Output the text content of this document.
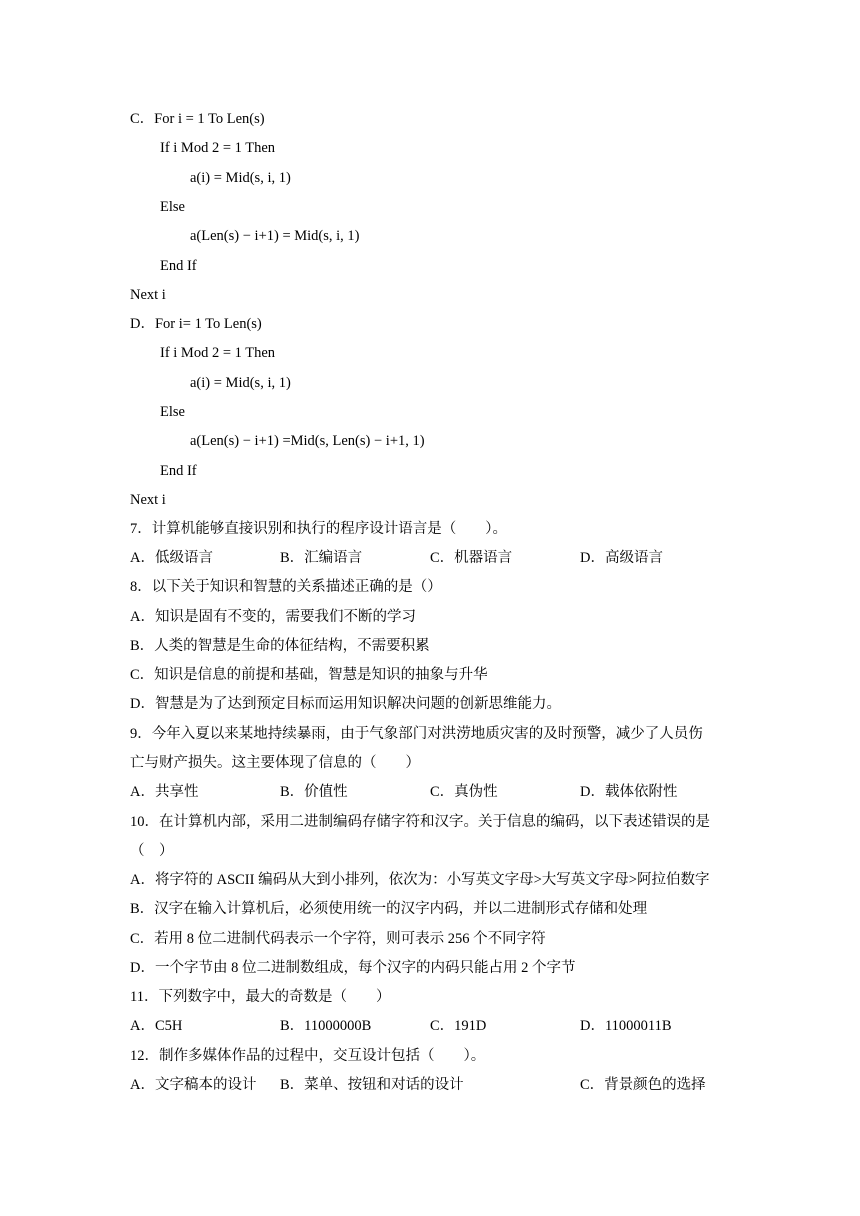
C．For i = 1 To Len(s)
If i Mod 2 = 1 Then
a(i) = Mid(s, i, 1)
Else
a(Len(s) − i+1) = Mid(s, i, 1)
End If
Next i
D．For i= 1 To Len(s)
If i Mod 2 = 1 Then
a(i) = Mid(s, i, 1)
Else
a(Len(s) − i+1) =Mid(s, Len(s) − i+1, 1)
End If
Next i
7．计算机能够直接识别和执行的程序设计语言是（　　）。
A．低级语言	B．汇编语言	C．机器语言	D．高级语言
8．以下关于知识和智慧的关系描述正确的是（）
A．知识是固有不变的，需要我们不断的学习
B．人类的智慧是生命的体征结构，不需要积累
C．知识是信息的前提和基础，智慧是知识的抽象与升华
D．智慧是为了达到预定目标而运用知识解决问题的创新思维能力。
9．今年入夏以来某地持续暴雨，由于气象部门对洪涝地质灾害的及时预警，减少了人员伤
亡与财产损失。这主要体现了信息的（　　）
A．共享性	B．价值性	C．真伪性	D．载体依附性
10．在计算机内部，采用二进制编码存储字符和汉字。关于信息的编码，以下表述错误的是
（　）
A．将字符的 ASCII 编码从大到小排列，依次为：小写英文字母>大写英文字母>阿拉伯数字
B．汉字在输入计算机后，必须使用统一的汉字内码，并以二进制形式存储和处理
C．若用 8 位二进制代码表示一个字符，则可表示 256 个不同字符
D．一个字节由 8 位二进制数组成，每个汉字的内码只能占用 2 个字节
11．下列数字中，最大的奇数是（　　）
A．C5H	B．11000000B	C．191D	D．11000011B
12．制作多媒体作品的过程中，交互设计包括（　　）。
A．文字稿本的设计 B．菜单、按钮和对话的设计	C．背景颜色的选择
